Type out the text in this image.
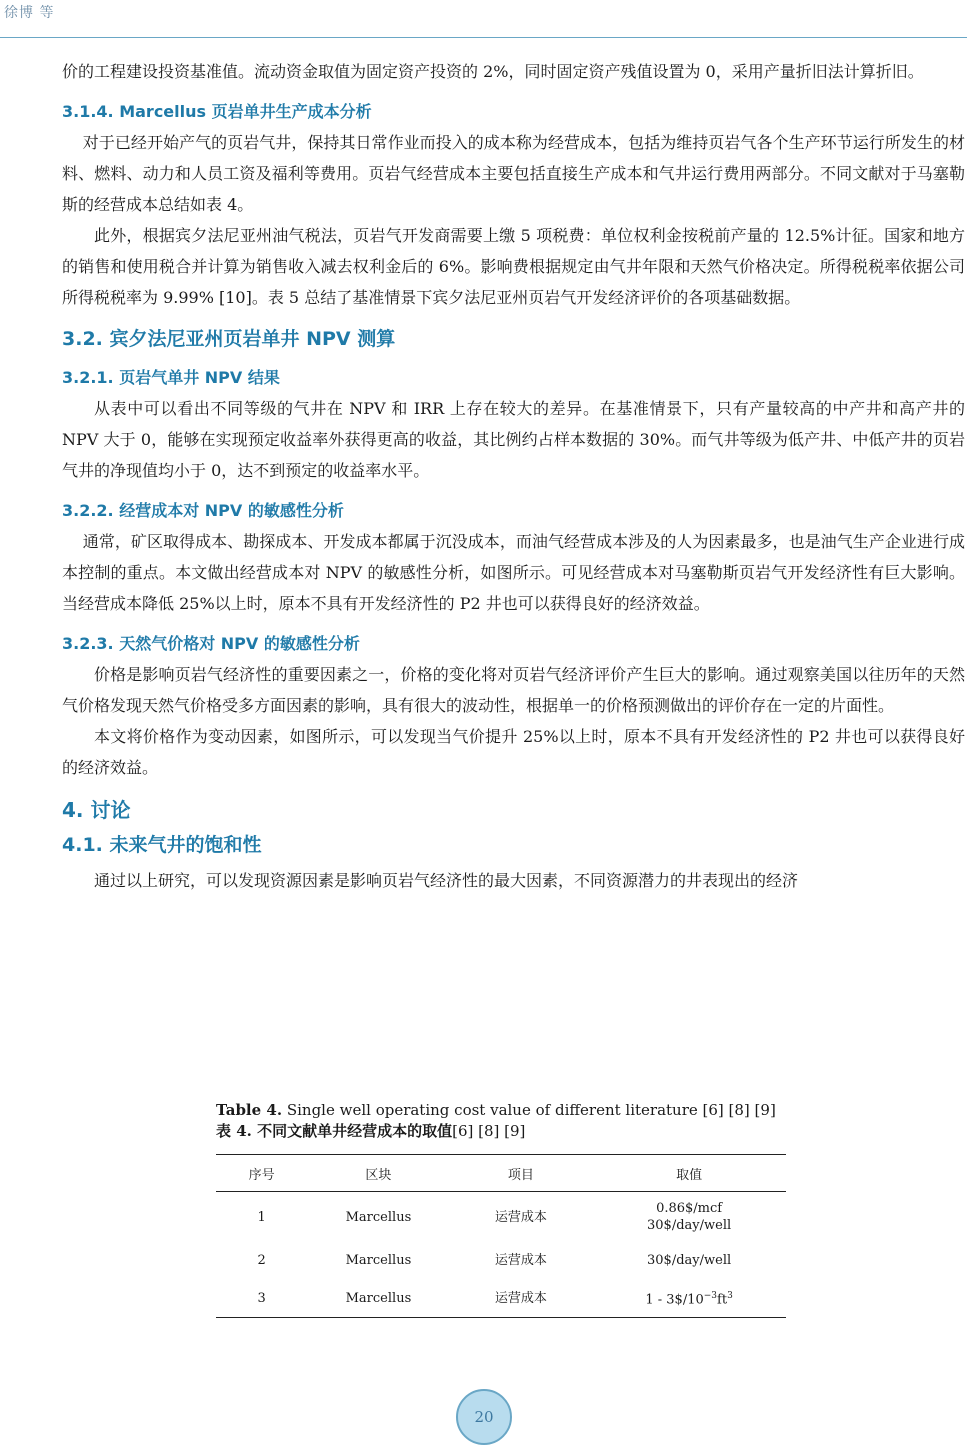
徐博 等

价的工程建设投资基准值。流动资金取值为固定资产投资的 2%，同时固定资产残值设置为 0，采用产量折旧法计算折旧。

3.1.4. Marcellus 页岩单井生产成本分析

对于已经开始产气的页岩气井，保持其日常作业而投入的成本称为经营成本，包括为维持页岩气各个生产环节运行所发生的材料、燃料、动力和人员工资及福利等费用。页岩气经营成本主要包括直接生产成本和气井运行费用两部分。不同文献对于马塞勒斯的经营成本总结如表 4。

此外，根据宾夕法尼亚州油气税法，页岩气开发商需要上缴 5 项税费：单位权利金按税前产量的 12.5%计征。国家和地方的销售和使用税合并计算为销售收入减去权利金后的 6%。影响费根据规定由气井年限和天然气价格决定。所得税税率依据公司所得税税率为 9.99% [10]。表 5 总结了基准情景下宾夕法尼亚州页岩气开发经济评价的各项基础数据。

3.2. 宾夕法尼亚州页岩单井 NPV 测算
3.2.1. 页岩气单井 NPV 结果

从表中可以看出不同等级的气井在 NPV 和 IRR 上存在较大的差异。在基准情景下，只有产量较高的中产井和高产井的 NPV 大于 0，能够在实现预定收益率外获得更高的收益，其比例约占样本数据的 30%。而气井等级为低产井、中低产井的页岩气井的净现值均小于 0，达不到预定的收益率水平。

3.2.2. 经营成本对 NPV 的敏感性分析

通常，矿区取得成本、勘探成本、开发成本都属于沉没成本，而油气经营成本涉及的人为因素最多，也是油气生产企业进行成本控制的重点。本文做出经营成本对 NPV 的敏感性分析，如图所示。可见经营成本对马塞勒斯页岩气开发经济性有巨大影响。当经营成本降低 25%以上时，原本不具有开发经济性的 P2 井也可以获得良好的经济效益。

3.2.3. 天然气价格对 NPV 的敏感性分析

价格是影响页岩气经济性的重要因素之一，价格的变化将对页岩气经济评价产生巨大的影响。通过观察美国以往历年的天然气价格发现天然气价格受多方面因素的影响，具有很大的波动性，根据单一的价格预测做出的评价存在一定的片面性。

本文将价格作为变动因素，如图所示，可以发现当气价提升 25%以上时，原本不具有开发经济性的 P2 井也可以获得良好的经济效益。

4. 讨论
4.1. 未来气井的饱和性

通过以上研究，可以发现资源因素是影响页岩气经济性的最大因素，不同资源潜力的井表现出的经济

Table 4. Single well operating cost value of different literature [6] [8] [9]
表 4. 不同文献单井经营成本的取值[6] [8] [9]
序号	区块	项目	取值
1	Marcellus	运营成本	0.86$/mcf
30$/day/well

2	Marcellus	运营成本	30$/day/well
3	Marcellus	运营成本	$1 - 3\$/10^{-3}ft^3$
20
